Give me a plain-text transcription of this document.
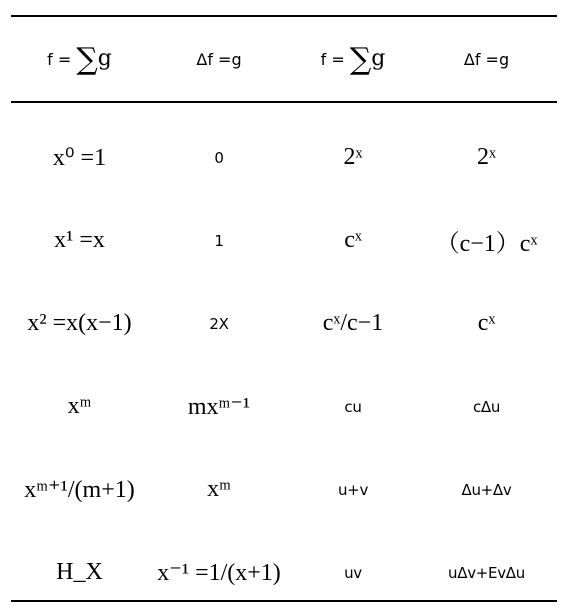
f = ∑g	Δf =g	f = ∑g	Δf =g

x⁰ =1	0	2ˣ	2ˣ
x¹ =x	1	cˣ	（c−1）cˣ
x² =x(x−1)	2X	cˣ/c−1	cˣ
xᵐ	mxᵐ⁻¹	cu	cΔu
xᵐ⁺¹/(m+1)	xᵐ	u+v	Δu+Δv
H_X	x⁻¹ =1/(x+1)	uv	uΔv+EvΔu
